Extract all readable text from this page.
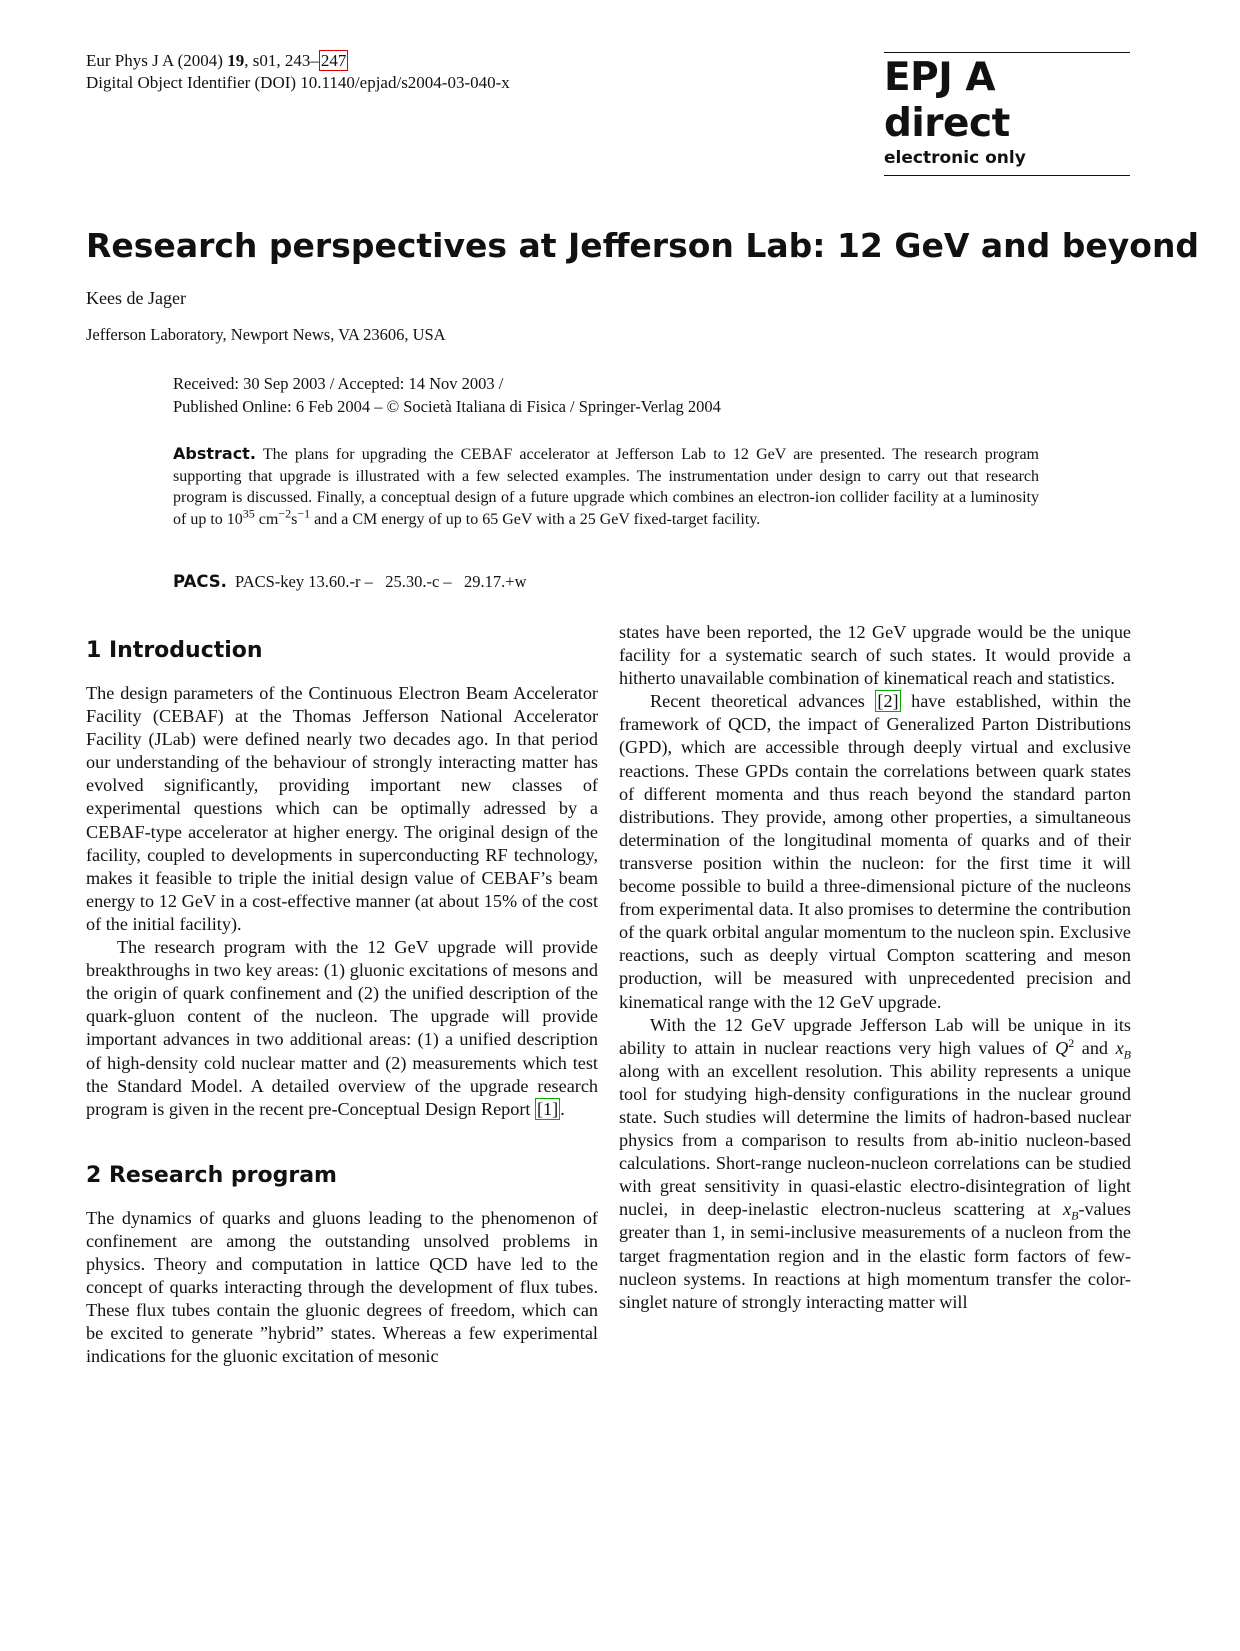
Eur Phys J A (2004) 19, s01, 243– 247
Digital Object Identifier (DOI) 10.1140/epjad/s2004-03-040-x	EPJ A direct
electronic only
Research perspectives at Jefferson Lab: 12 GeV and beyond
Kees de Jager
Jefferson Laboratory, Newport News, VA 23606, USA
Received: 30 Sep 2003 / Accepted: 14 Nov 2003 /
Published Online: 6 Feb 2004 – © Società Italiana di Fisica / Springer-Verlag 2004
Abstract. The plans for upgrading the CEBAF accelerator at Jefferson Lab to 12 GeV are presented. The research program supporting that upgrade is illustrated with a few selected examples. The instrumentation under design to carry out that research program is discussed. Finally, a conceptual design of a future upgrade which combines an electron-ion collider facility at a luminosity of up to $10^{35}$ $cm^{-2}s^{-1}$ and a CM energy of up to 65 GeV with a 25 GeV fixed-target facility.
PACS. PACS-key 13.60.-r –   25.30.-c –   29.17.+w
1 Introduction

The design parameters of the Continuous Electron Beam Accelerator Facility (CEBAF) at the Thomas Jefferson National Accelerator Facility (JLab) were defined nearly two decades ago. In that period our understanding of the behaviour of strongly interacting matter has evolved significantly, providing important new classes of experimental questions which can be optimally adressed by a CEBAF-type accelerator at higher energy. The original design of the facility, coupled to developments in superconducting RF technology, makes it feasible to triple the initial design value of CEBAF’s beam energy to 12 GeV in a cost-effective manner (at about 15% of the cost of the initial facility).

The research program with the 12 GeV upgrade will provide breakthroughs in two key areas: (1) gluonic excitations of mesons and the origin of quark confinement and (2) the unified description of the quark-gluon content of the nucleon. The upgrade will provide important advances in two additional areas: (1) a unified description of high-density cold nuclear matter and (2) measurements which test the Standard Model. A detailed overview of the upgrade research program is given in the recent pre-Conceptual Design Report [1] .

2 Research program

The dynamics of quarks and gluons leading to the phenomenon of confinement are among the outstanding unsolved problems in physics. Theory and computation in lattice QCD have led to the concept of quarks interacting through the development of flux tubes. These flux tubes contain the gluonic degrees of freedom, which can be excited to generate ”hybrid” states. Whereas a few experimental indications for the gluonic excitation of mesonic

states have been reported, the 12 GeV upgrade would be the unique facility for a systematic search of such states. It would provide a hitherto unavailable combination of kinematical reach and statistics.

Recent theoretical advances [2] have established, within the framework of QCD, the impact of Generalized Parton Distributions (GPD), which are accessible through deeply virtual and exclusive reactions. These GPDs contain the correlations between quark states of different momenta and thus reach beyond the standard parton distributions. They provide, among other properties, a simultaneous determination of the longitudinal momenta of quarks and of their transverse position within the nucleon: for the first time it will become possible to build a three-dimensional picture of the nucleons from experimental data. It also promises to determine the contribution of the quark orbital angular momentum to the nucleon spin. Exclusive reactions, such as deeply virtual Compton scattering and meson production, will be measured with unprecedented precision and kinematical range with the 12 GeV upgrade.

With the 12 GeV upgrade Jefferson Lab will be unique in its ability to attain in nuclear reactions very high values of $Q^2$ and $x_B$ along with an excellent resolution. This ability represents a unique tool for studying high-density configurations in the nuclear ground state. Such studies will determine the limits of hadron-based nuclear physics from a comparison to results from ab-initio nucleon-based calculations. Short-range nucleon-nucleon correlations can be studied with great sensitivity in quasi-elastic electro-disintegration of light nuclei, in deep-inelastic electron-nucleus scattering at $x_B$-values greater than 1, in semi-inclusive measurements of a nucleon from the target fragmentation region and in the elastic form factors of few-nucleon systems. In reactions at high momentum transfer the color-singlet nature of strongly interacting matter will
